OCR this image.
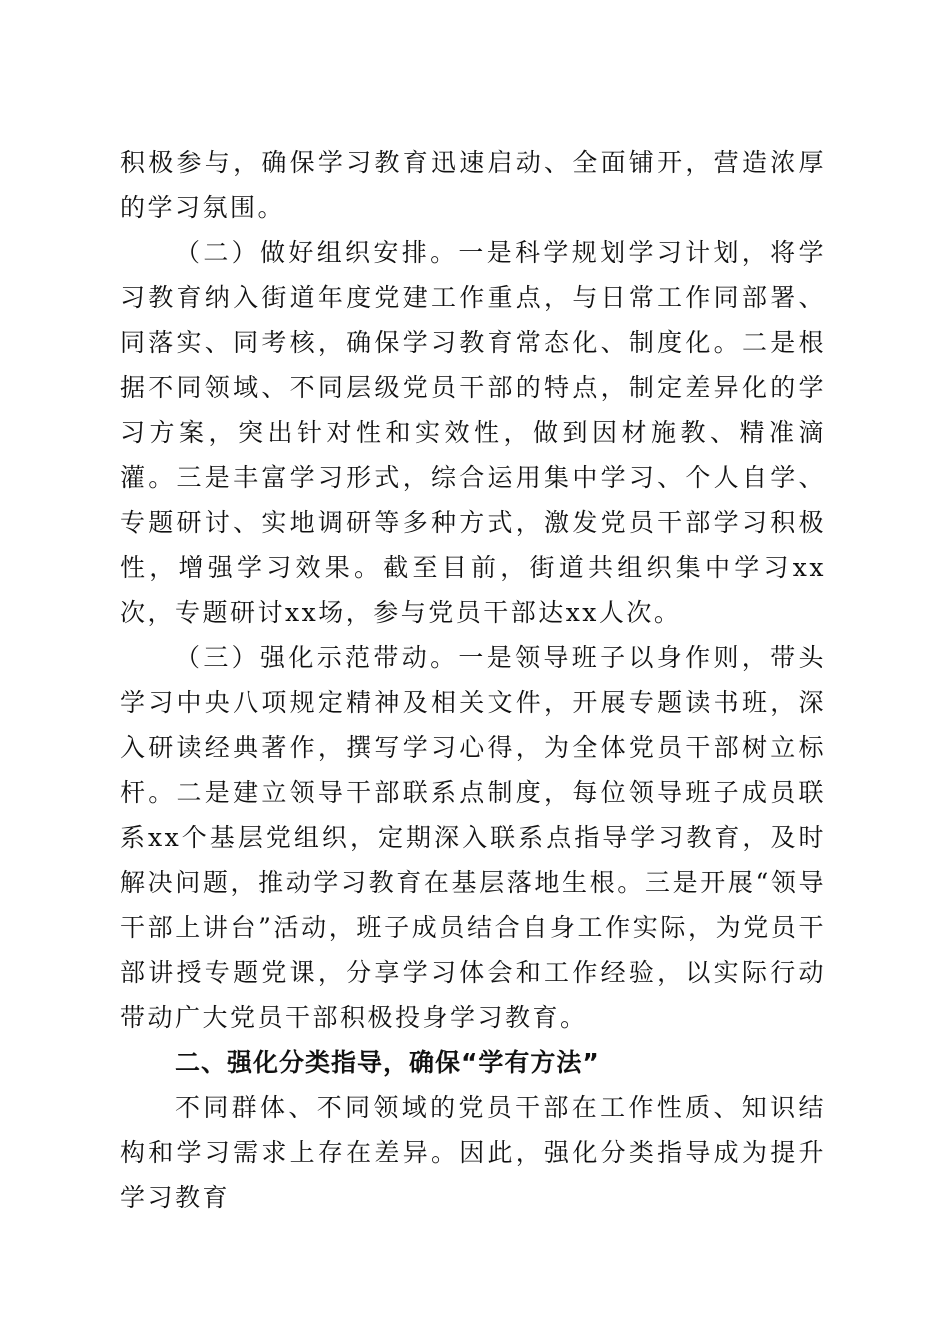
积极参与，确保学习教育迅速启动、全面铺开，营造浓厚的学习氛围。

（二）做好组织安排。一是科学规划学习计划，将学习教育纳入街道年度党建工作重点，与日常工作同部署、同落实、同考核，确保学习教育常态化、制度化。二是根据不同领域、不同层级党员干部的特点，制定差异化的学习方案，突出针对性和实效性，做到因材施教、精准滴灌。三是丰富学习形式，综合运用集中学习、个人自学、专题研讨、实地调研等多种方式，激发党员干部学习积极性，增强学习效果。截至目前，街道共组织集中学习xx次，专题研讨xx场，参与党员干部达xx人次。

（三）强化示范带动。一是领导班子以身作则，带头学习中央八项规定精神及相关文件，开展专题读书班，深入研读经典著作，撰写学习心得，为全体党员干部树立标杆。二是建立领导干部联系点制度，每位领导班子成员联系xx个基层党组织，定期深入联系点指导学习教育，及时解决问题，推动学习教育在基层落地生根。三是开展“领导干部上讲台”活动，班子成员结合自身工作实际，为党员干部讲授专题党课，分享学习体会和工作经验，以实际行动带动广大党员干部积极投身学习教育。

二、强化分类指导，确保“学有方法”

不同群体、不同领域的党员干部在工作性质、知识结构和学习需求上存在差异。因此，强化分类指导成为提升学习教育
